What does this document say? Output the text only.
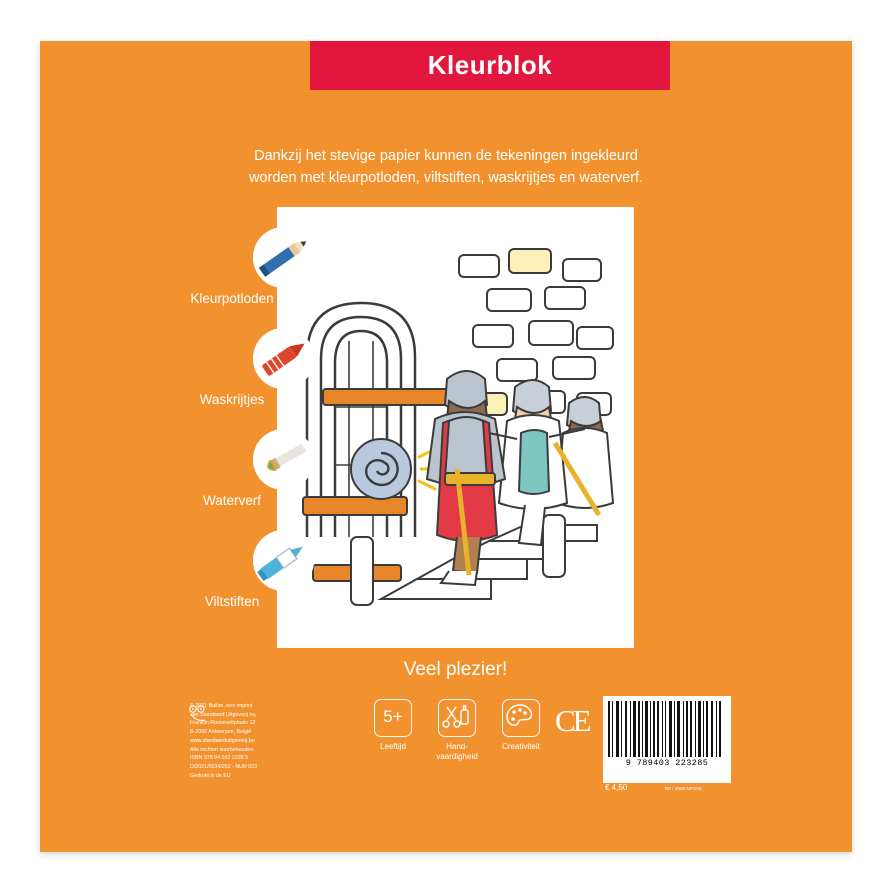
Kleurblok
Dankzij het stevige papier kunnen de tekeningen ingekleurd
worden met kleurpotloden, viltstiften, waskrijtjes en waterverf.
Kleurpotloden
Waskrijtjes
Waterverf
Viltstiften
Veel plezier!
© 2021 Ballon, een imprint
van Standaard Uitgeverij nv,
Franklin Rooseveltplaats 12
B-2060 Antwerpen, België
www.standaarduitgeverij.be
Alle rechten voorbehouden.
ISBN 978 94 032 2328 5
D/2021/0034/252 - NUR 023
Gedrukt in de EU
5+
Leeftijd	Hand-
vaardigheid
Creativiteit
CE
9 789403 223285
€ 4,50
NL / NUR 023/A.B.
BE / 4050 NPGNL
